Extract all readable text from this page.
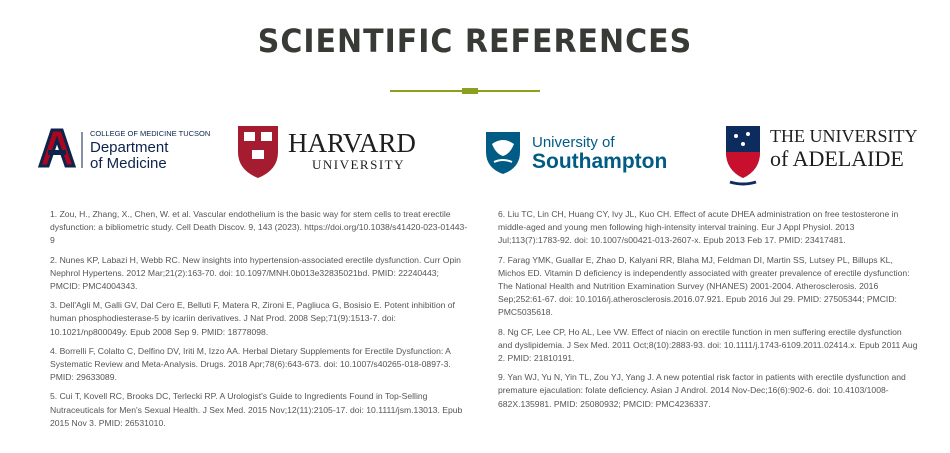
SCIENTIFIC REFERENCES
COLLEGE OF MEDICINE TUCSON
Department
of Medicine
HARVARD
UNIVERSITY
University of
Southampton
THE UNIVERSITY
of ADELAIDE
1. Zou, H., Zhang, X., Chen, W. et al. Vascular endothelium is the basic way for stem cells to treat erectile dysfunction: a bibliometric study. Cell Death Discov. 9, 143 (2023). https://doi.org/10.1038/s41420-023-01443-9
2. Nunes KP, Labazi H, Webb RC. New insights into hypertension-associated erectile dysfunction. Curr Opin Nephrol Hypertens. 2012 Mar;21(2):163-70. doi: 10.1097/MNH.0b013e32835021bd. PMID: 22240443; PMCID: PMC4004343.
3. Dell'Agli M, Galli GV, Dal Cero E, Belluti F, Matera R, Zironi E, Pagliuca G, Bosisio E. Potent inhibition of human phosphodiesterase-5 by icariin derivatives. J Nat Prod. 2008 Sep;71(9):1513-7. doi: 10.1021/np800049y. Epub 2008 Sep 9. PMID: 18778098.
4. Borrelli F, Colalto C, Delfino DV, Iriti M, Izzo AA. Herbal Dietary Supplements for Erectile Dysfunction: A Systematic Review and Meta-Analysis. Drugs. 2018 Apr;78(6):643-673. doi: 10.1007/s40265-018-0897-3. PMID: 29633089.
5. Cui T, Kovell RC, Brooks DC, Terlecki RP. A Urologist's Guide to Ingredients Found in Top-Selling Nutraceuticals for Men's Sexual Health. J Sex Med. 2015 Nov;12(11):2105-17. doi: 10.1111/jsm.13013. Epub 2015 Nov 3. PMID: 26531010.
6. Liu TC, Lin CH, Huang CY, Ivy JL, Kuo CH. Effect of acute DHEA administration on free testosterone in middle-aged and young men following high-intensity interval training. Eur J Appl Physiol. 2013 Jul;113(7):1783-92. doi: 10.1007/s00421-013-2607-x. Epub 2013 Feb 17. PMID: 23417481.
7. Farag YMK, Guallar E, Zhao D, Kalyani RR, Blaha MJ, Feldman DI, Martin SS, Lutsey PL, Billups KL, Michos ED. Vitamin D deficiency is independently associated with greater prevalence of erectile dysfunction: The National Health and Nutrition Examination Survey (NHANES) 2001-2004. Atherosclerosis. 2016 Sep;252:61-67. doi: 10.1016/j.atherosclerosis.2016.07.921. Epub 2016 Jul 29. PMID: 27505344; PMCID: PMC5035618.
8. Ng CF, Lee CP, Ho AL, Lee VW. Effect of niacin on erectile function in men suffering erectile dysfunction and dyslipidemia. J Sex Med. 2011 Oct;8(10):2883-93. doi: 10.1111/j.1743-6109.2011.02414.x. Epub 2011 Aug 2. PMID: 21810191.
9. Yan WJ, Yu N, Yin TL, Zou YJ, Yang J. A new potential risk factor in patients with erectile dysfunction and premature ejaculation: folate deficiency. Asian J Androl. 2014 Nov-Dec;16(6):902-6. doi: 10.4103/1008-682X.135981. PMID: 25080932; PMCID: PMC4236337.
